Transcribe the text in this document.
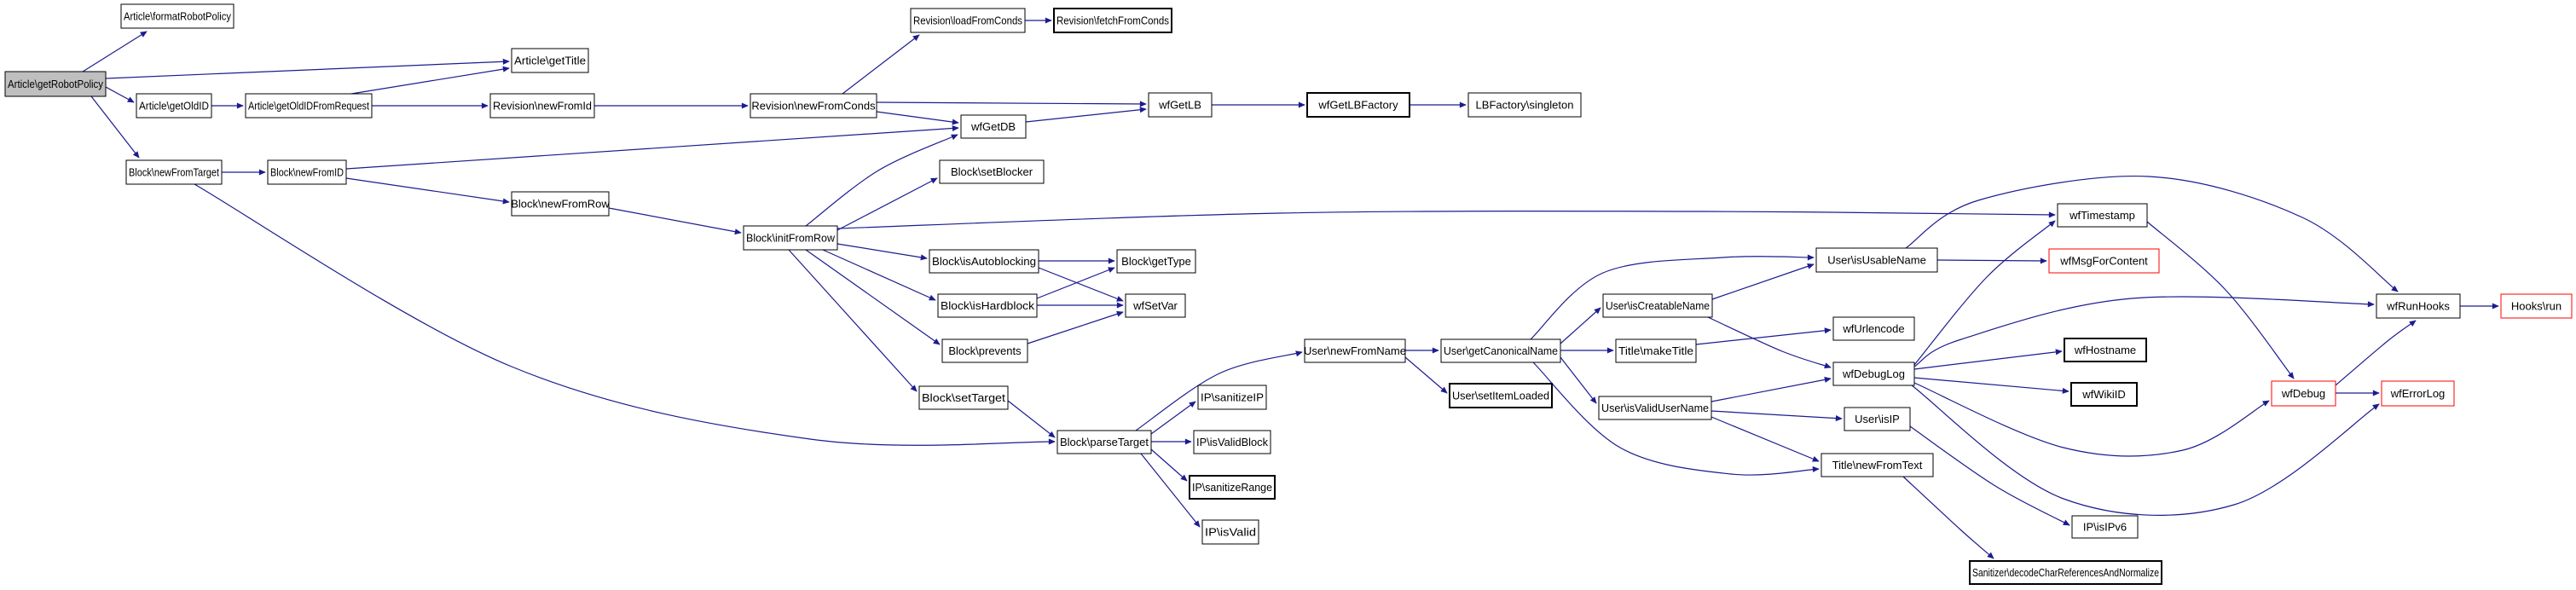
Article\getRobotPolicy
Article\formatRobotPolicy
Article\getTitle
Article\getOldID	Article\getOldIDFromRequest	Revision\newFromId	Revision\newFromConds
Revision\loadFromConds	Revision\fetchFromConds
wfGetLB	wfGetLBFactory	LBFactory\singleton
wfGetDB
Block\setBlocker
Block\newFromTarget	Block\newFromID
Block\newFromRow
Block\initFromRow
Block\isAutoblocking	Block\getType
Block\isHardblock	wfSetVar
Block\prevents
Block\setTarget
Block\parseTarget
IP\sanitizeIP
IP\isValidBlock
IP\sanitizeRange
IP\isValid
User\newFromName	User\getCanonicalName
User\setItemLoaded
User\isCreatableName
Title\makeTitle
User\isValidUserName
User\isUsableName
wfTimestamp
wfMsgForContent
wfUrlencode
wfDebugLog
wfHostname
wfWikiID
User\isIP
Title\newFromText
wfRunHooks	Hooks\run
wfDebug	wfErrorLog
IP\isIPv6
Sanitizer\decodeCharReferencesAndNormalize
